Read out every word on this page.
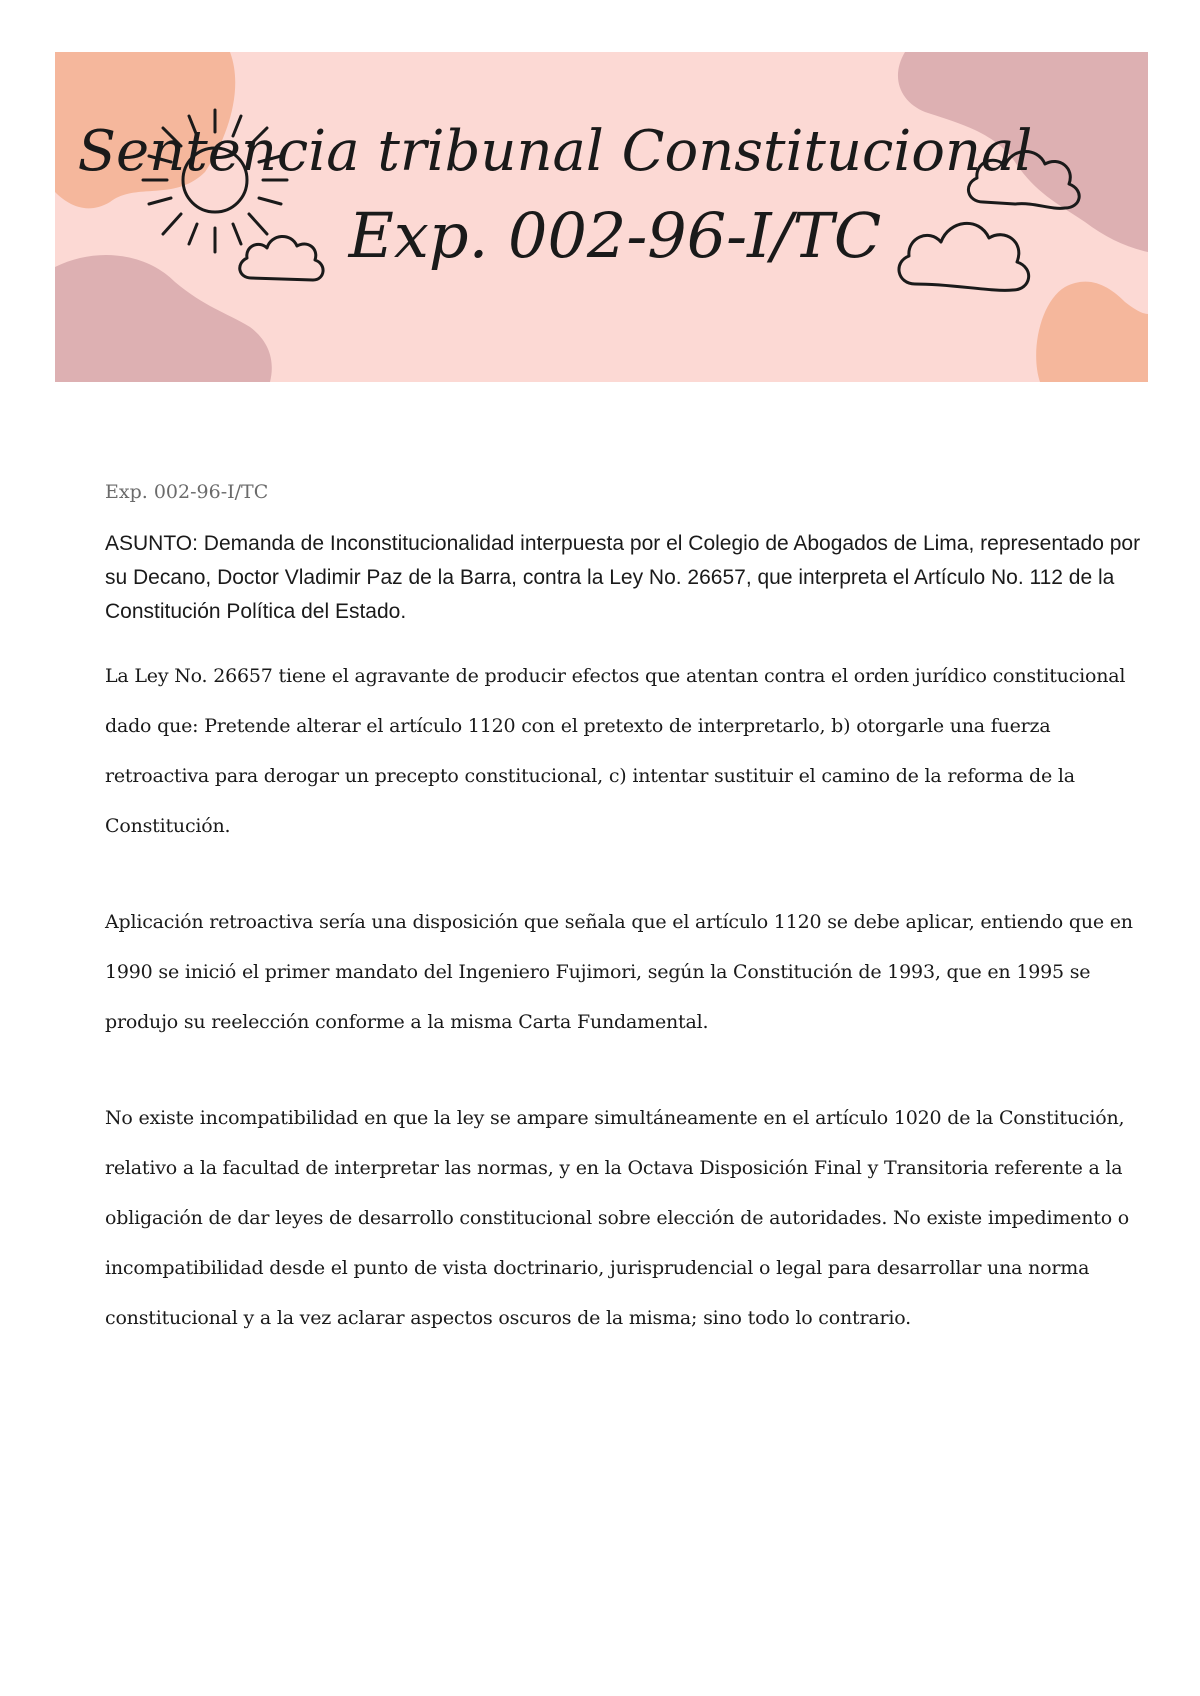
Sentencia tribunal Constitucional
Exp. 002-96-I/TC

Exp. 002-96-I/TC

ASUNTO: Demanda de Inconstitucionalidad interpuesta por el Colegio de Abogados de Lima, representado por su Decano, Doctor Vladimir Paz de la Barra, contra la Ley No. 26657, que interpreta el Artículo No. 112 de la Constitución Política del Estado.

La Ley No. 26657 tiene el agravante de producir efectos que atentan contra el orden jurídico constitucional dado que: Pretende alterar el artículo 1120 con el pretexto de interpretarlo, b) otorgarle una fuerza retroactiva para derogar un precepto constitucional, c) intentar sustituir el camino de la reforma de la Constitución.

Aplicación retroactiva sería una disposición que señala que el artículo 1120 se debe aplicar, entiendo que en 1990 se inició el primer mandato del Ingeniero Fujimori, según la Constitución de 1993, que en 1995 se produjo su reelección conforme a la misma Carta Fundamental.

No existe incompatibilidad en que la ley se ampare simultáneamente en el artículo 1020 de la Constitución, relativo a la facultad de interpretar las normas, y en la Octava Disposición Final y Transitoria referente a la obligación de dar leyes de desarrollo constitucional sobre elección de autoridades. No existe impedimento o incompatibilidad desde el punto de vista doctrinario, jurisprudencial o legal para desarrollar una norma constitucional y a la vez aclarar aspectos oscuros de la misma; sino todo lo contrario.
